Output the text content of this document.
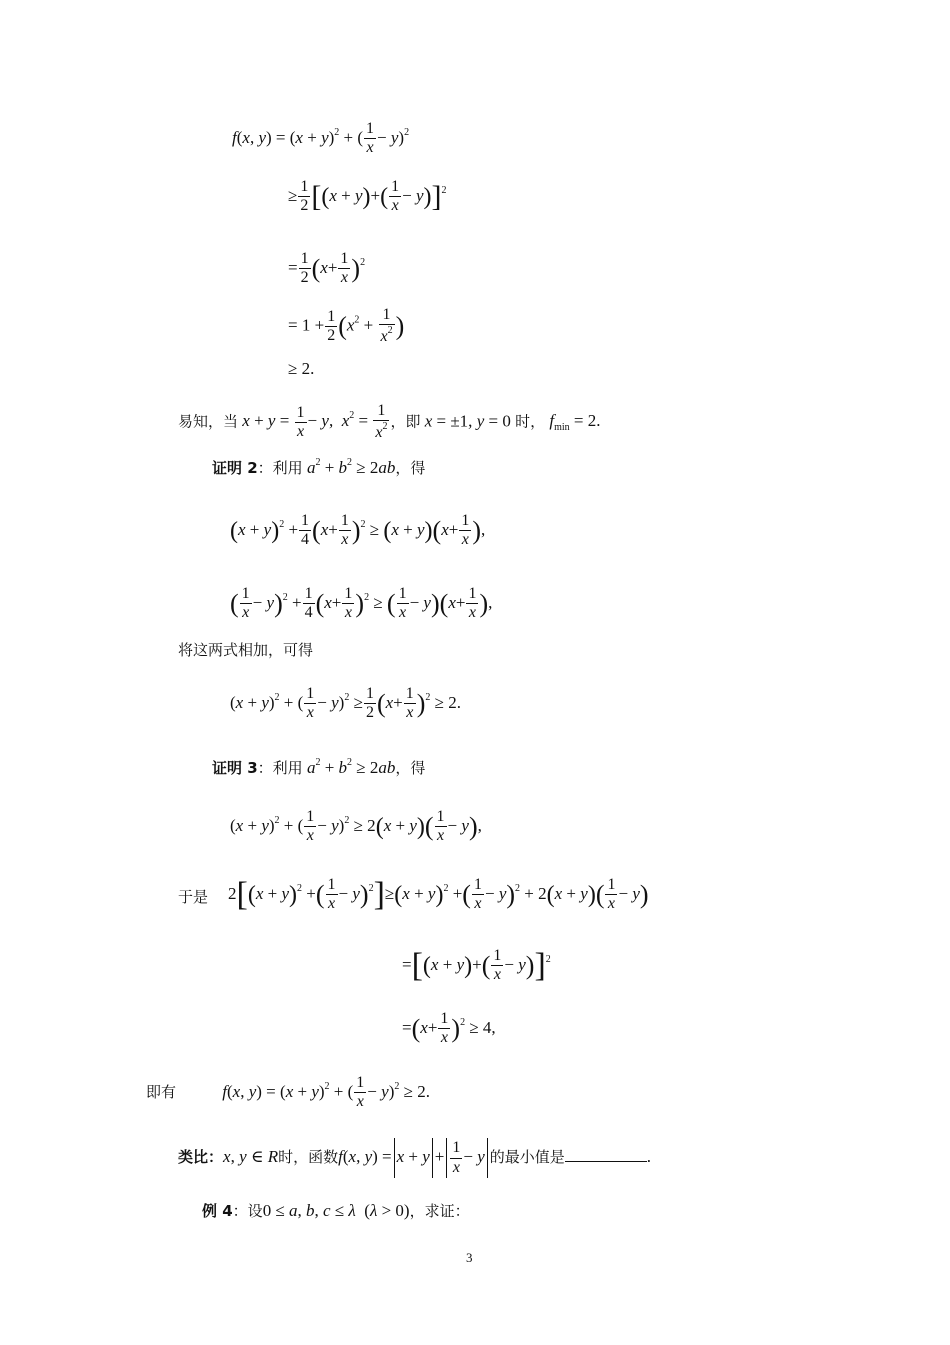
f(x, $y) = (x + y)^2$ + ( $\frac{1}{x} - y)^2$
≥ $\frac{1}{2} [(x + y)+( \frac{1}{x} - y)]^2$
= $\frac{1}{2} (x+ \frac{1}{x} )^2$
= $1 + \frac{1}{2} (x^2 + \frac{1}{x^2}$ )
≥ 2.
易知，当 $x + y = \frac{1}{x} - y$,  $x^2 = \frac{1}{x^2}$ ，即 x = ±1, y = 0 时， $f_{min} = 2$.
证明 2：利用 $a^2 + b^2 \ge 2ab$，得
$(x + y)^2 + \frac{1}{4} (x+ \frac{1}{x} )^2 \ge (x + y)(x+ \frac{1}{x}$ ),
( $\frac{1}{x} - y)^2 + \frac{1}{4} (x+ \frac{1}{x} )^2$ ≥ ( $\frac{1}{x} - y)(x+ \frac{1}{x}$ ),
将这两式相加，可得
$(x + y)^2$ + ( $\frac{1}{x} - y)^2 \ge \frac{1}{2} (x+ \frac{1}{x} )^2 \ge 2$.
证明 3：利用 $a^2 + b^2 \ge 2ab$，得
$(x + y)^2$ + ( $\frac{1}{x} - y)^2 \ge 2(x + y)( \frac{1}{x} - y)$,
于是 $2[(x + y)^2$ +( $\frac{1}{x} - y)^2]\ge(x + y)^2$ +( $\frac{1}{x} - y)^2 + 2(x + y)( \frac{1}{x} - y)$
$=[(x + y)+( \frac{1}{x} - y)]^2$
$=(x+ \frac{1}{x} )^2 \ge 4$,
即有	f(x, $y) = (x + y)^2$ + ( $\frac{1}{x} - y)^2 \ge 2$.
类比：x, y ∈ R时，函数f(x, $y) = x + y + \frac{1}{x} - y$ 的最小值是	.
例 4：设0 ≤ a, b, c ≤ λ  (λ > 0)，求证：
3
